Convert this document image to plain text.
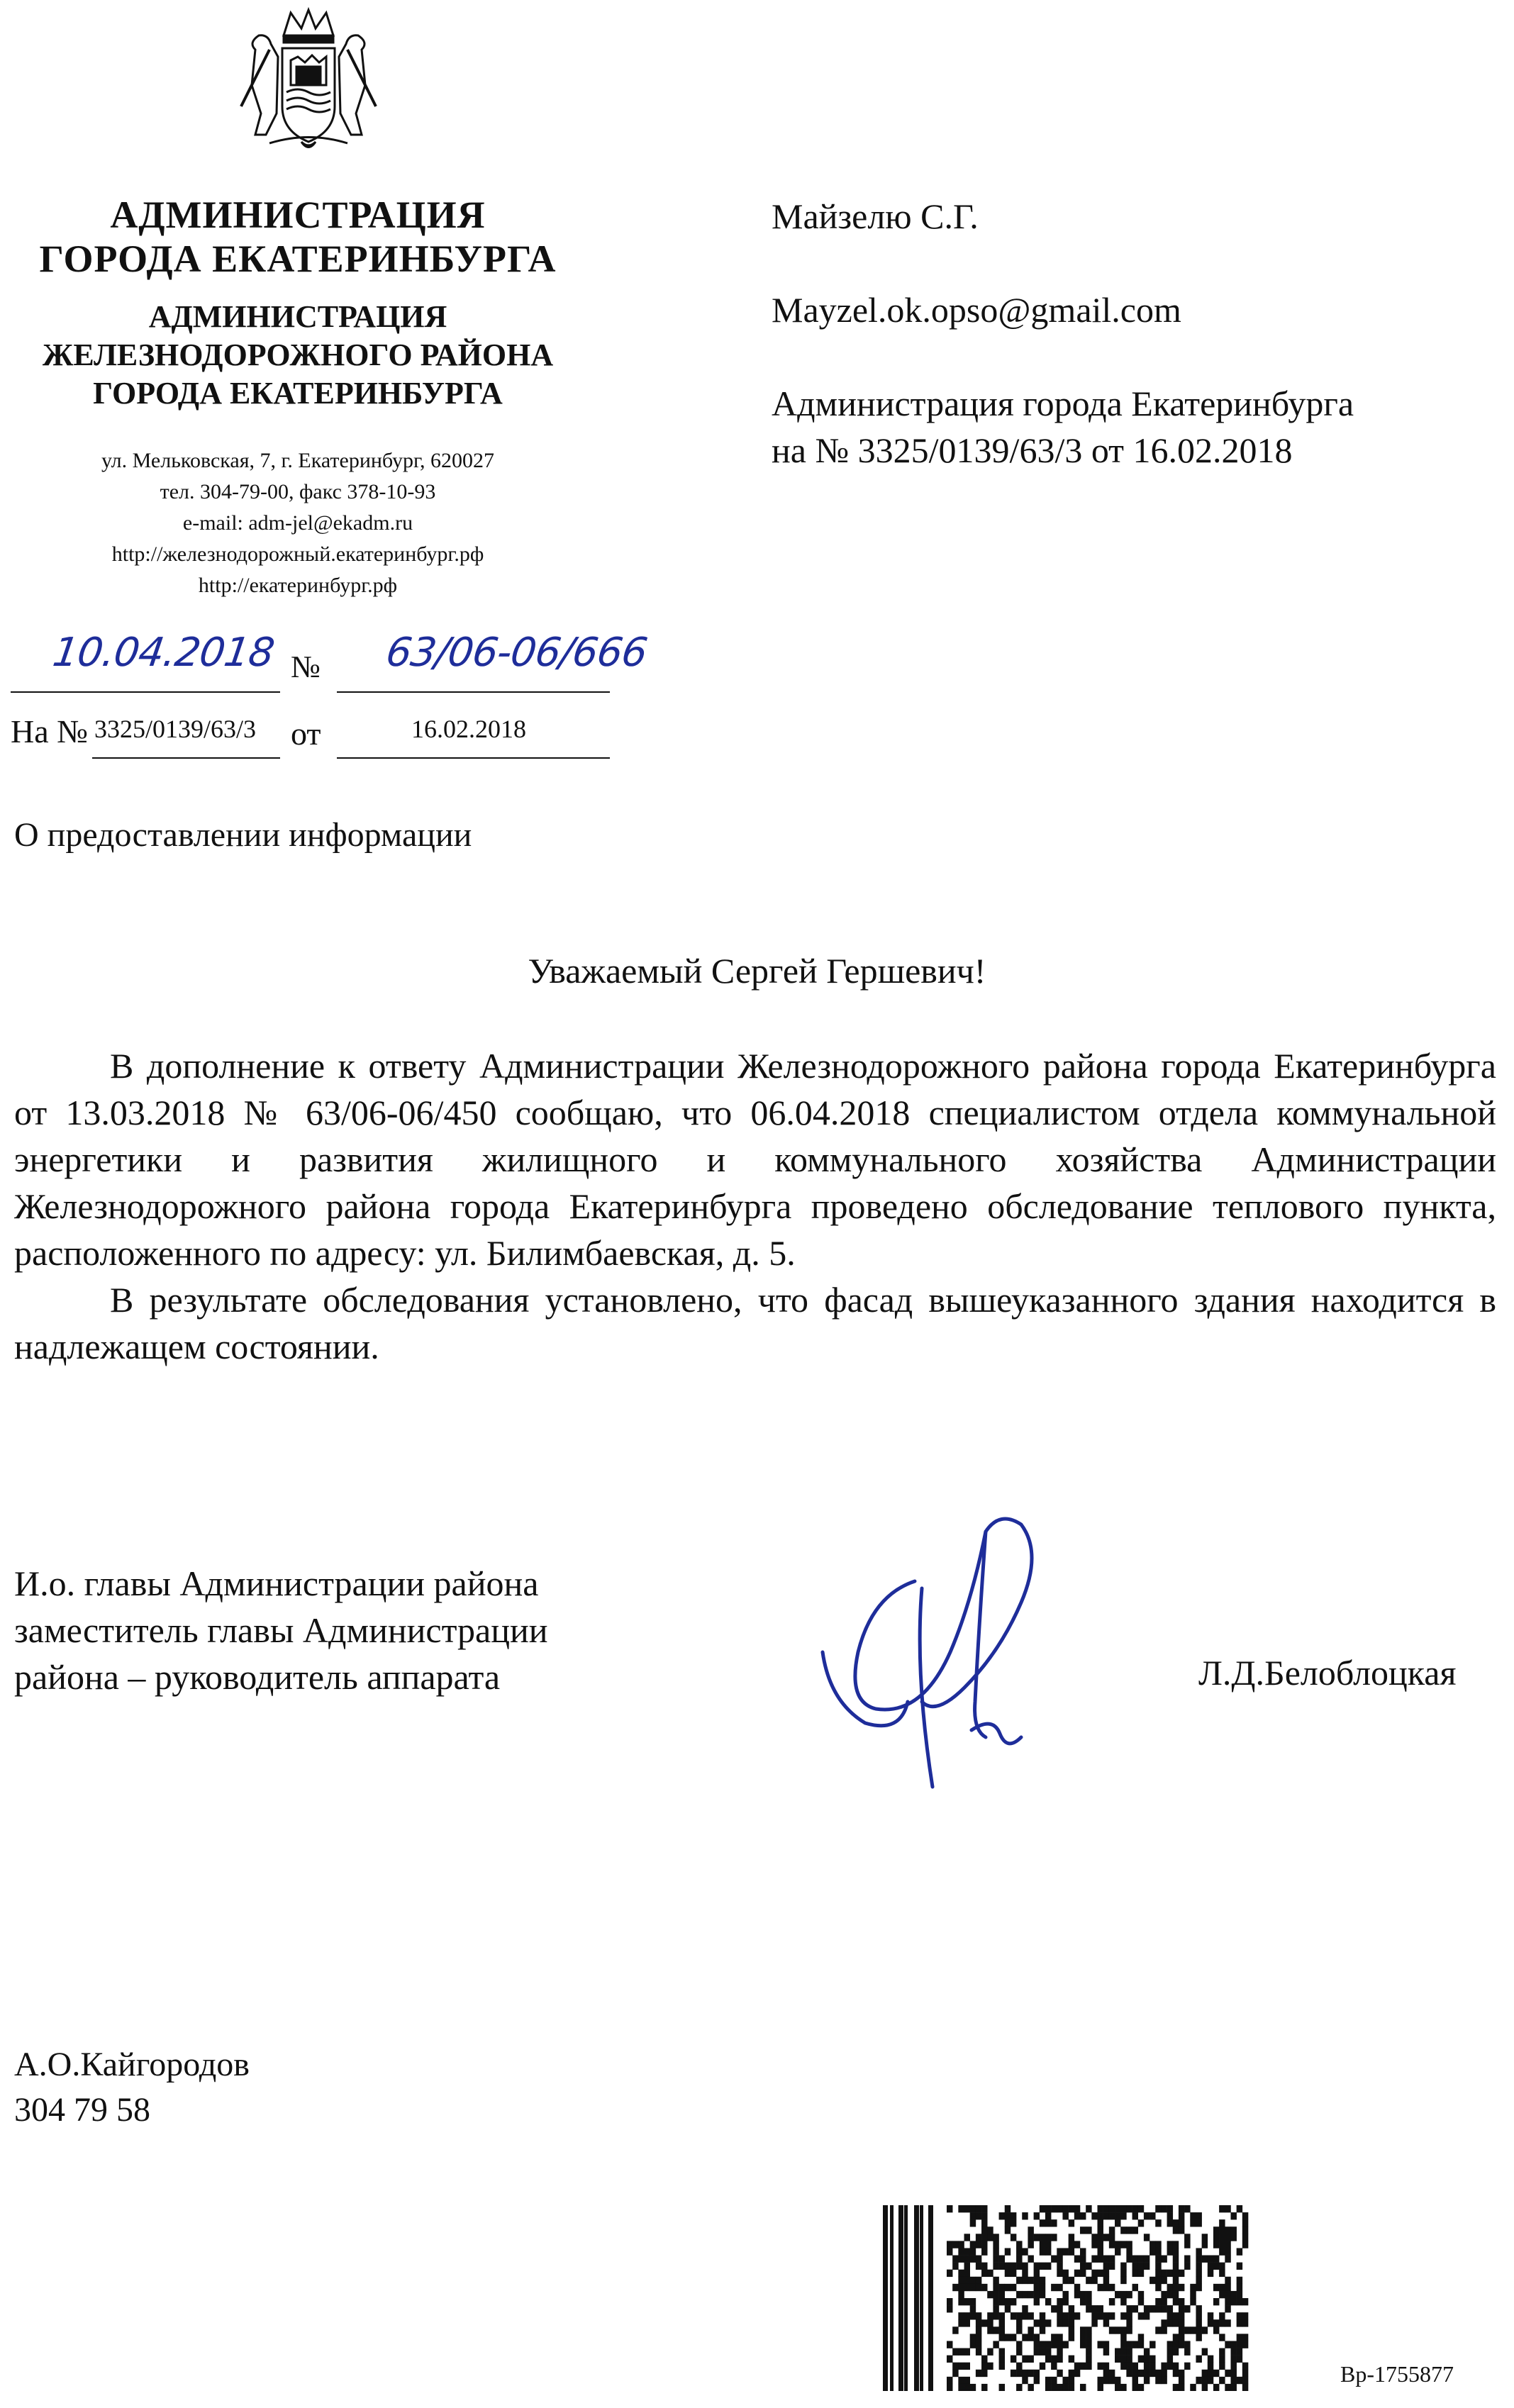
АДМИНИСТРАЦИЯ
ГОРОДА ЕКАТЕРИНБУРГА
АДМИНИСТРАЦИЯ
ЖЕЛЕЗНОДОРОЖНОГО РАЙОНА
ГОРОДА ЕКАТЕРИНБУРГА
ул. Мельковская, 7, г. Екатеринбург, 620027
тел. 304-79-00, факс 378-10-93
e-mail: adm-jel@ekadm.ru
http://железнодорожный.екатеринбург.рф
http://екатеринбург.рф
10.04.2018 № 63/06-06/666
На № 3325/0139/63/3 от	16.02.2018
Майзелю С.Г.
Mayzel.ok.opso@gmail.com
Администрация города Екатеринбурга
на № 3325/0139/63/3 от 16.02.2018
О предоставлении информации
Уважаемый Сергей Гершевич!

В дополнение к ответу Администрации Железнодорожного района города Екатеринбурга от 13.03.2018 № 63/06-06/450 сообщаю, что 06.04.2018 специалистом отдела коммунальной энергетики и развития жилищного и коммунального хозяйства Администрации Железнодорожного района города Екатеринбурга проведено обследование теплового пункта, расположенного по адресу: ул. Билимбаевская, д. 5.

В результате обследования установлено, что фасад вышеуказанного здания находится в надлежащем состоянии.

И.о. главы Администрации района
заместитель главы Администрации
района – руководитель аппарата	Л.Д.Белоблоцкая
А.О.Кайгородов
304 79 58
Вр-1755877
